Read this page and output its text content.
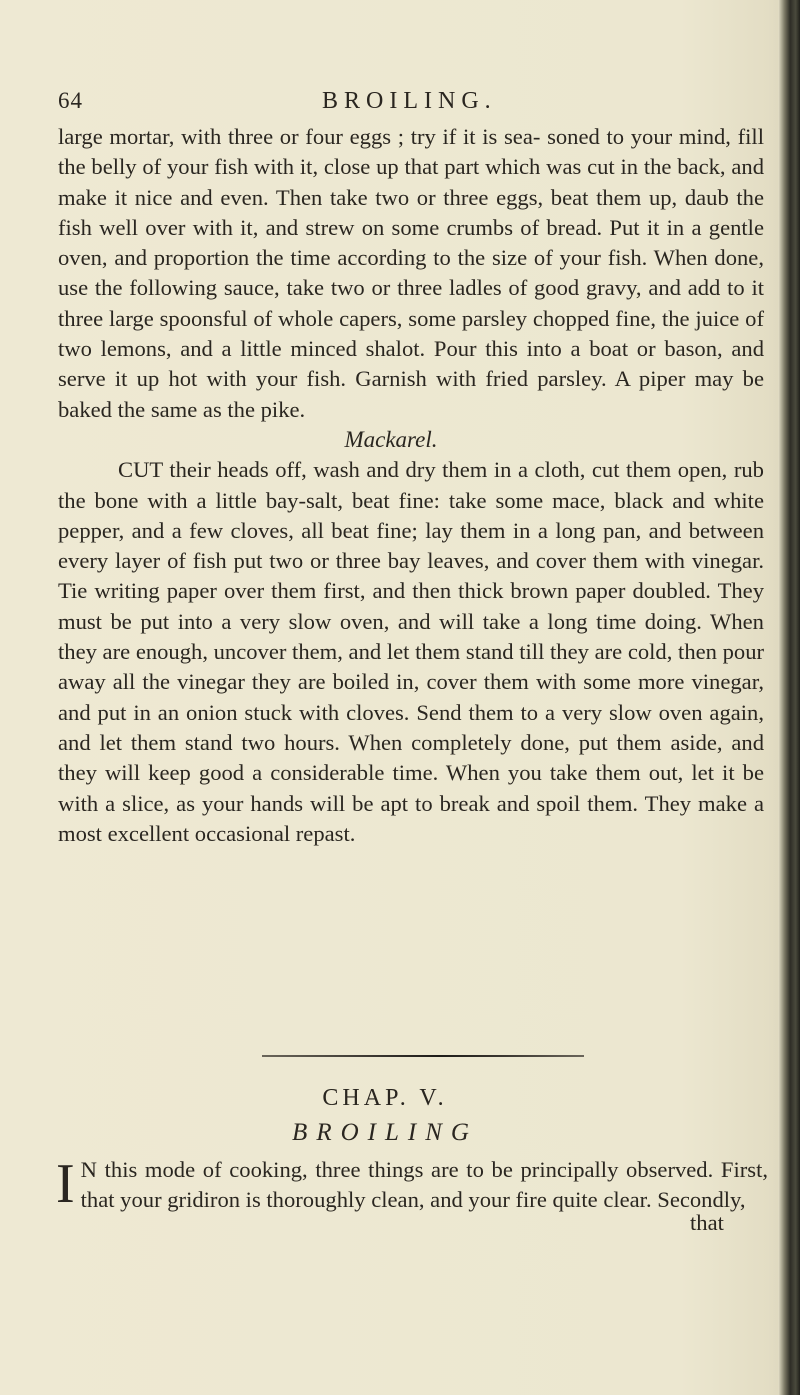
64	BROILING.

large mortar, with three or four eggs ; try if it is sea- soned to your mind, fill the belly of your fish with it, close up that part which was cut in the back, and make it nice and even. Then take two or three eggs, beat them up, daub the fish well over with it, and strew on some crumbs of bread. Put it in a gentle oven, and proportion the time according to the size of your fish. When done, use the following sauce, take two or three ladles of good gravy, and add to it three large spoonsful of whole capers, some parsley chopped fine, the juice of two lemons, and a little minced shalot. Pour this into a boat or bason, and serve it up hot with your fish. Garnish with fried parsley. A piper may be baked the same as the pike.

Mackarel.

CUT their heads off, wash and dry them in a cloth, cut them open, rub the bone with a little bay-salt, beat fine: take some mace, black and white pepper, and a few cloves, all beat fine; lay them in a long pan, and between every layer of fish put two or three bay leaves, and cover them with vinegar. Tie writing paper over them first, and then thick brown paper doubled. They must be put into a very slow oven, and will take a long time doing. When they are enough, uncover them, and let them stand till they are cold, then pour away all the vinegar they are boiled in, cover them with some more vinegar, and put in an onion stuck with cloves. Send them to a very slow oven again, and let them stand two hours. When completely done, put them aside, and they will keep good a considerable time. When you take them out, let it be with a slice, as your hands will be apt to break and spoil them. They make a most excellent occasional repast.

CHAP. V.
BROILING
I N this mode of cooking, three things are to be principally observed. First, that your gridiron is thoroughly clean, and your fire quite clear. Secondly,
that
